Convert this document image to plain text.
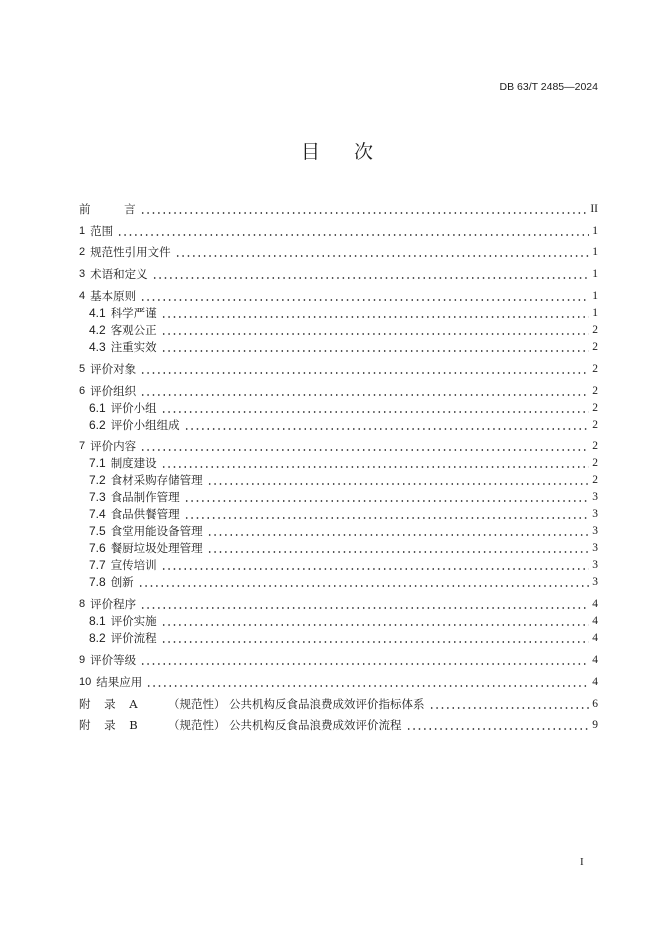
DB 63/T 2485—2024
目 次
前 言	II
1 范围	1
2 规范性引用文件	1
3 术语和定义	1
4 基本原则	1
4.1 科学严谨	1
4.2 客观公正	2
4.3 注重实效	2
5 评价对象	2
6 评价组织	2
6.1 评价小组	2
6.2 评价小组组成	2
7 评价内容	2
7.1 制度建设	2
7.2 食材采购存储管理	2
7.3 食品制作管理	3
7.4 食品供餐管理	3
7.5 食堂用能设备管理	3
7.6 餐厨垃圾处理管理	3
7.7 宣传培训	3
7.8 创新	3
8 评价程序	4
8.1 评价实施	4
8.2 评价流程	4
9 评价等级	4
10 结果应用	4
附 录 A	（规范性） 公共机构反食品浪费成效评价指标体系	6
附 录 B	（规范性） 公共机构反食品浪费成效评价流程	9
I
